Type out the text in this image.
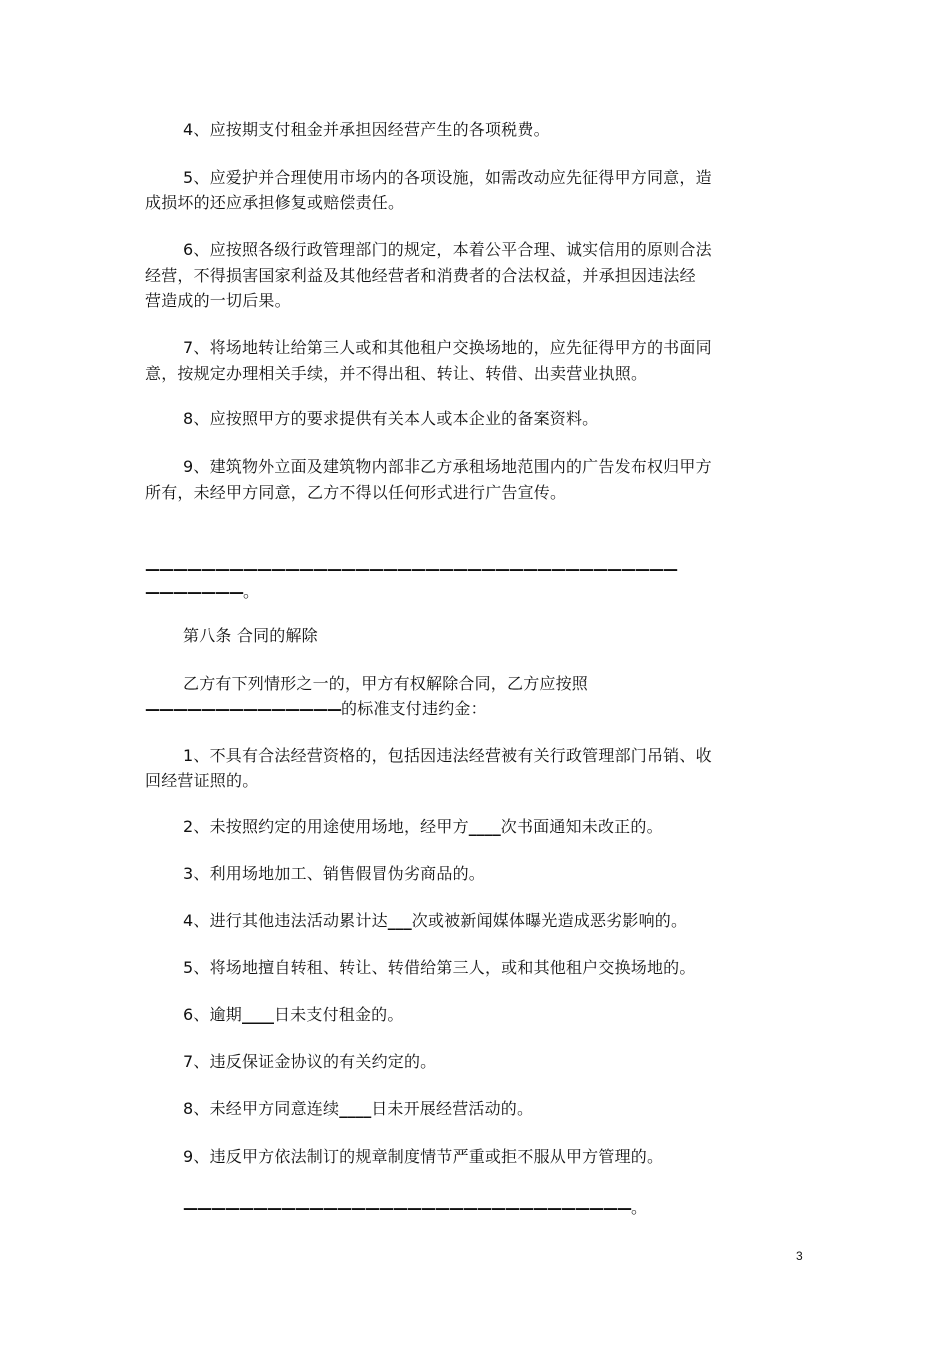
4、应按期支付租金并承担因经营产生的各项税费。
5、应爱护并合理使用市场内的各项设施，如需改动应先征得甲方同意，造
成损坏的还应承担修复或赔偿责任。
6、应按照各级行政管理部门的规定，本着公平合理、诚实信用的原则合法
经营，不得损害国家利益及其他经营者和消费者的合法权益，并承担因违法经
营造成的一切后果。
7、将场地转让给第三人或和其他租户交换场地的，应先征得甲方的书面同
意，按规定办理相关手续，并不得出租、转让、转借、出卖营业执照。
8、应按照甲方的要求提供有关本人或本企业的备案资料。
9、建筑物外立面及建筑物内部非乙方承租场地范围内的广告发布权归甲方
所有，未经甲方同意，乙方不得以任何形式进行广告宣传。
——————————————————————————————————————
———————。
第八条 合同的解除
乙方有下列情形之一的，甲方有权解除合同，乙方应按照
——————————————的标准支付违约金：
1、不具有合法经营资格的，包括因违法经营被有关行政管理部门吊销、收
回经营证照的。
2、未按照约定的用途使用场地，经甲方____次书面通知未改正的。
3、利用场地加工、销售假冒伪劣商品的。
4、进行其他违法活动累计达___次或被新闻媒体曝光造成恶劣影响的。
5、将场地擅自转租、转让、转借给第三人，或和其他租户交换场地的。
6、逾期____日未支付租金的。
7、违反保证金协议的有关约定的。
8、未经甲方同意连续____日未开展经营活动的。
9、违反甲方依法制订的规章制度情节严重或拒不服从甲方管理的。
————————————————————————————————。
3
